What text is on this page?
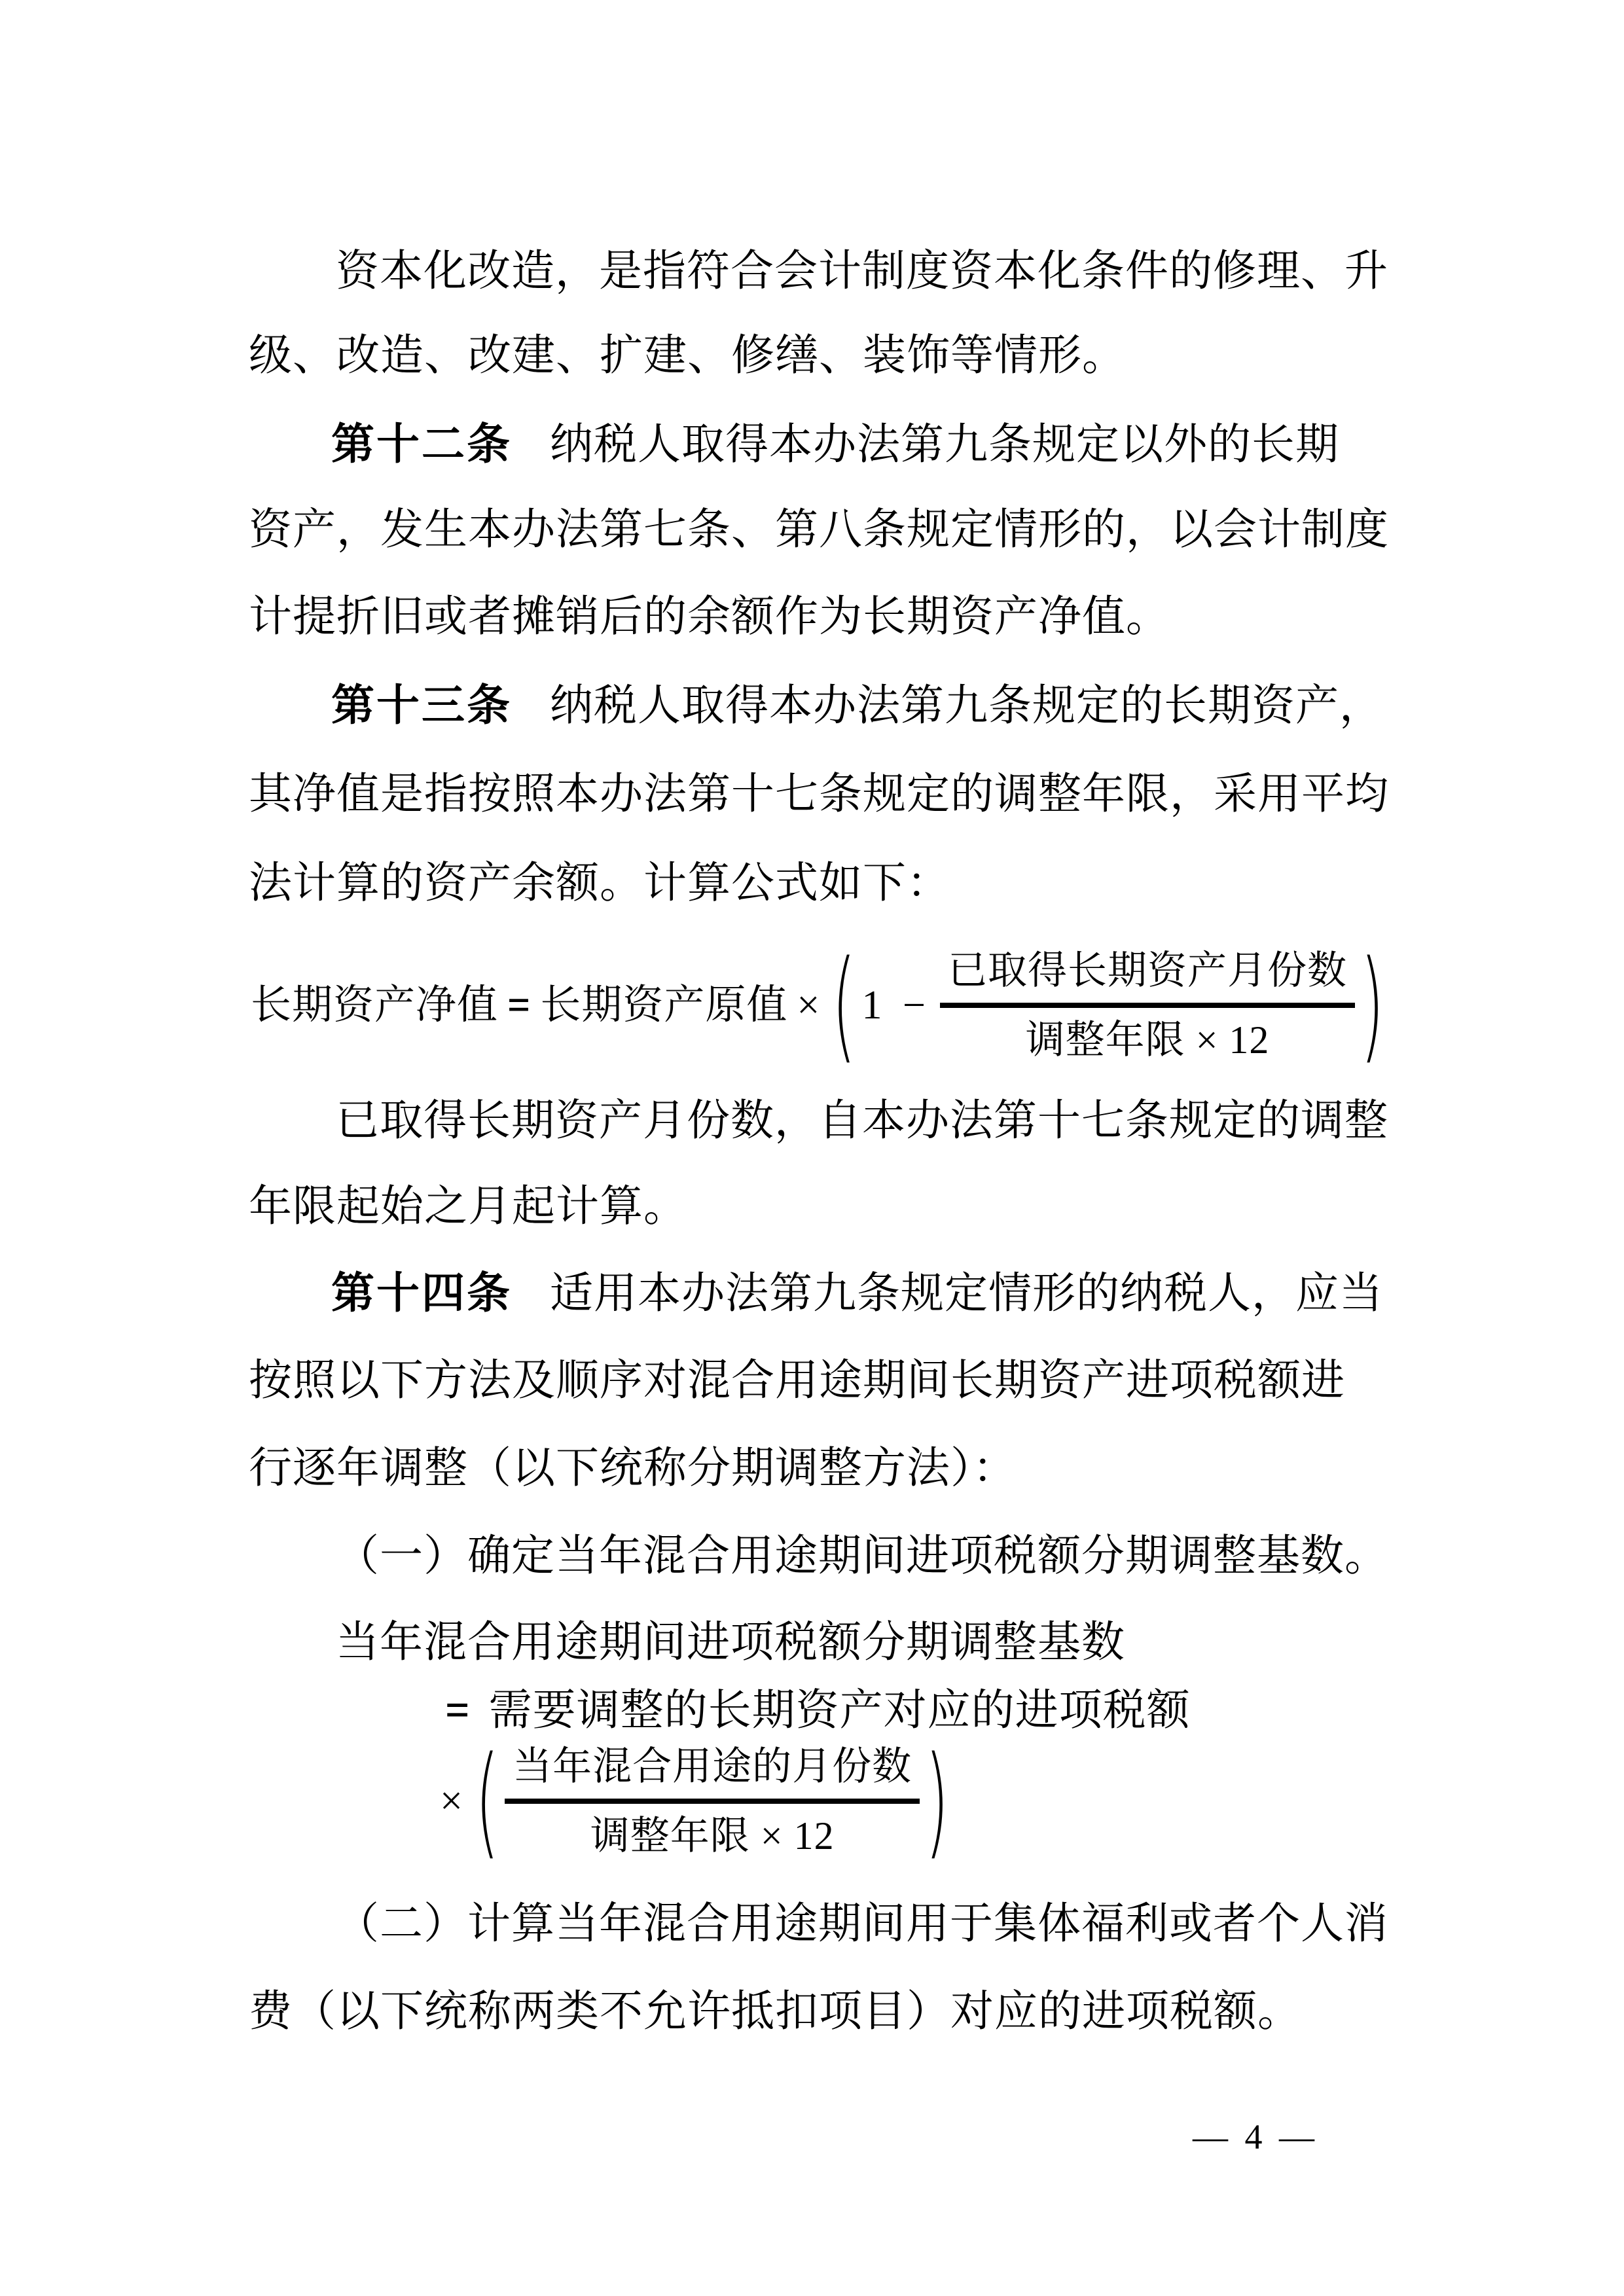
资本化改造，是指符合会计制度资本化条件的修理、升
级、改造、改建、扩建、修缮、装饰等情形。
第十二条 纳税人取得本办法第九条规定以外的长期
资产，发生本办法第七条、第八条规定情形的，以会计制度
计提折旧或者摊销后的余额作为长期资产净值。
第十三条 纳税人取得本办法第九条规定的长期资产，
其净值是指按照本办法第十七条规定的调整年限，采用平均
法计算的资产余额。计算公式如下：
长期资产净值 = 长期资产原值 × ( $1 - \frac{\text{已取得长期资产月份数}}{\text{调整年限 × 12}}$ )
已取得长期资产月份数，自本办法第十七条规定的调整
年限起始之月起计算。
第十四条 适用本办法第九条规定情形的纳税人，应当
按照以下方法及顺序对混合用途期间长期资产进项税额进
行逐年调整（以下统称分期调整方法）：
（一）确定当年混合用途期间进项税额分期调整基数。
当年混合用途期间进项税额分期调整基数
= 需要调整的长期资产对应的进项税额
× ( $\frac{\text{当年混合用途的月份数}}{\text{调整年限 × 12}}$ )
（二）计算当年混合用途期间用于集体福利或者个人消
费（以下统称两类不允许抵扣项目）对应的进项税额。
— 4 —
